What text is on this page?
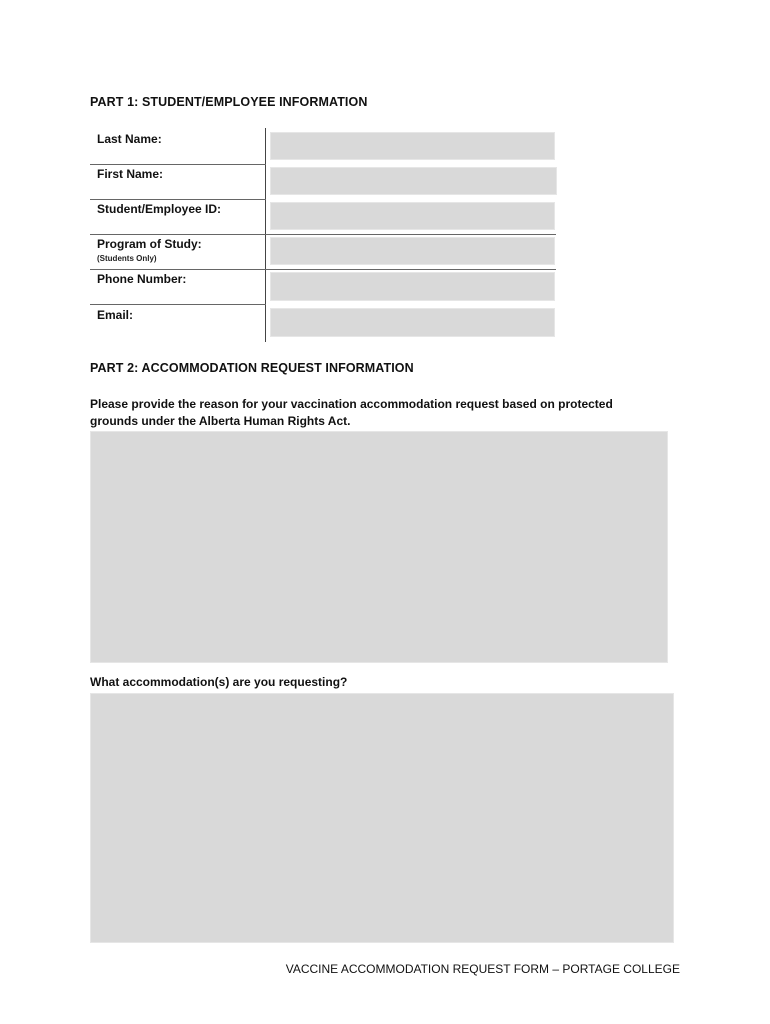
PART 1: STUDENT/EMPLOYEE INFORMATION
Last Name:
First Name:
Student/Employee ID:
Program of Study:
(Students Only)
Phone Number:
Email:
PART 2: ACCOMMODATION REQUEST INFORMATION
Please provide the reason for your vaccination accommodation request based on protected
grounds under the Alberta Human Rights Act.
What accommodation(s) are you requesting?
VACCINE ACCOMMODATION REQUEST FORM – PORTAGE COLLEGE
